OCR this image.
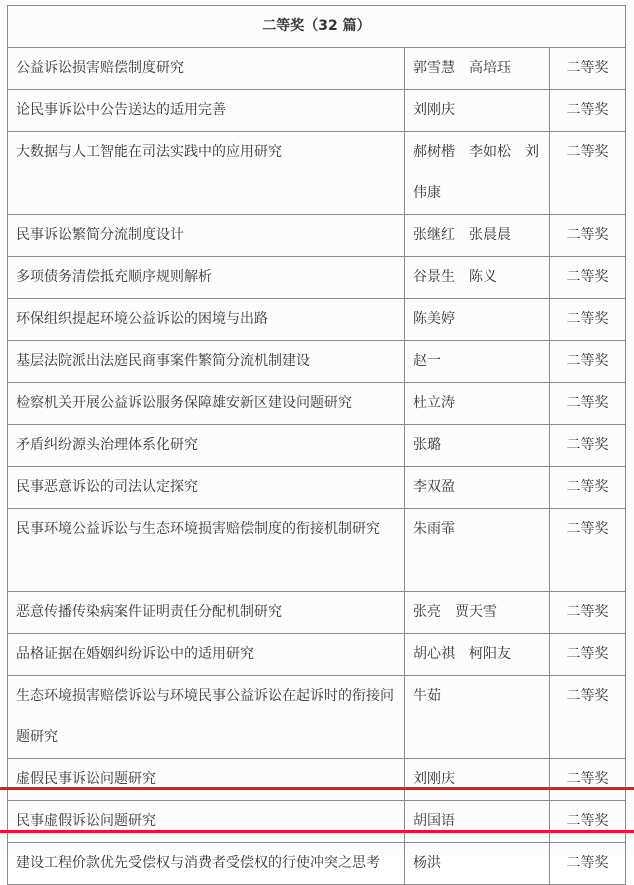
二等奖（32 篇）		
公益诉讼损害赔偿制度研究	郭雪慧　高培珏	二等奖
论民事诉讼中公告送达的适用完善	刘刚庆	二等奖
大数据与人工智能在司法实践中的应用研究	郝树楷　李如松　刘伟康	二等奖
民事诉讼繁简分流制度设计	张继红　张晨晨	二等奖
多项债务清偿抵充顺序规则解析	谷景生　陈义	二等奖
环保组织提起环境公益诉讼的困境与出路	陈美婷	二等奖
基层法院派出法庭民商事案件繁简分流机制建设	赵一	二等奖
检察机关开展公益诉讼服务保障雄安新区建设问题研究	杜立涛	二等奖
矛盾纠纷源头治理体系化研究	张璐	二等奖
民事恶意诉讼的司法认定探究	李双盈	二等奖
民事环境公益诉讼与生态环境损害赔偿制度的衔接机制研究	朱雨霏	二等奖
恶意传播传染病案件证明责任分配机制研究	张亮　贾天雪	二等奖
品格证据在婚姻纠纷诉讼中的适用研究	胡心祺　柯阳友	二等奖
生态环境损害赔偿诉讼与环境民事公益诉讼在起诉时的衔接问题研究	牛茹	二等奖
虚假民事诉讼问题研究	刘刚庆	二等奖
民事虚假诉讼问题研究	胡国语	二等奖
建设工程价款优先受偿权与消费者受偿权的行使冲突之思考	杨洪	二等奖
